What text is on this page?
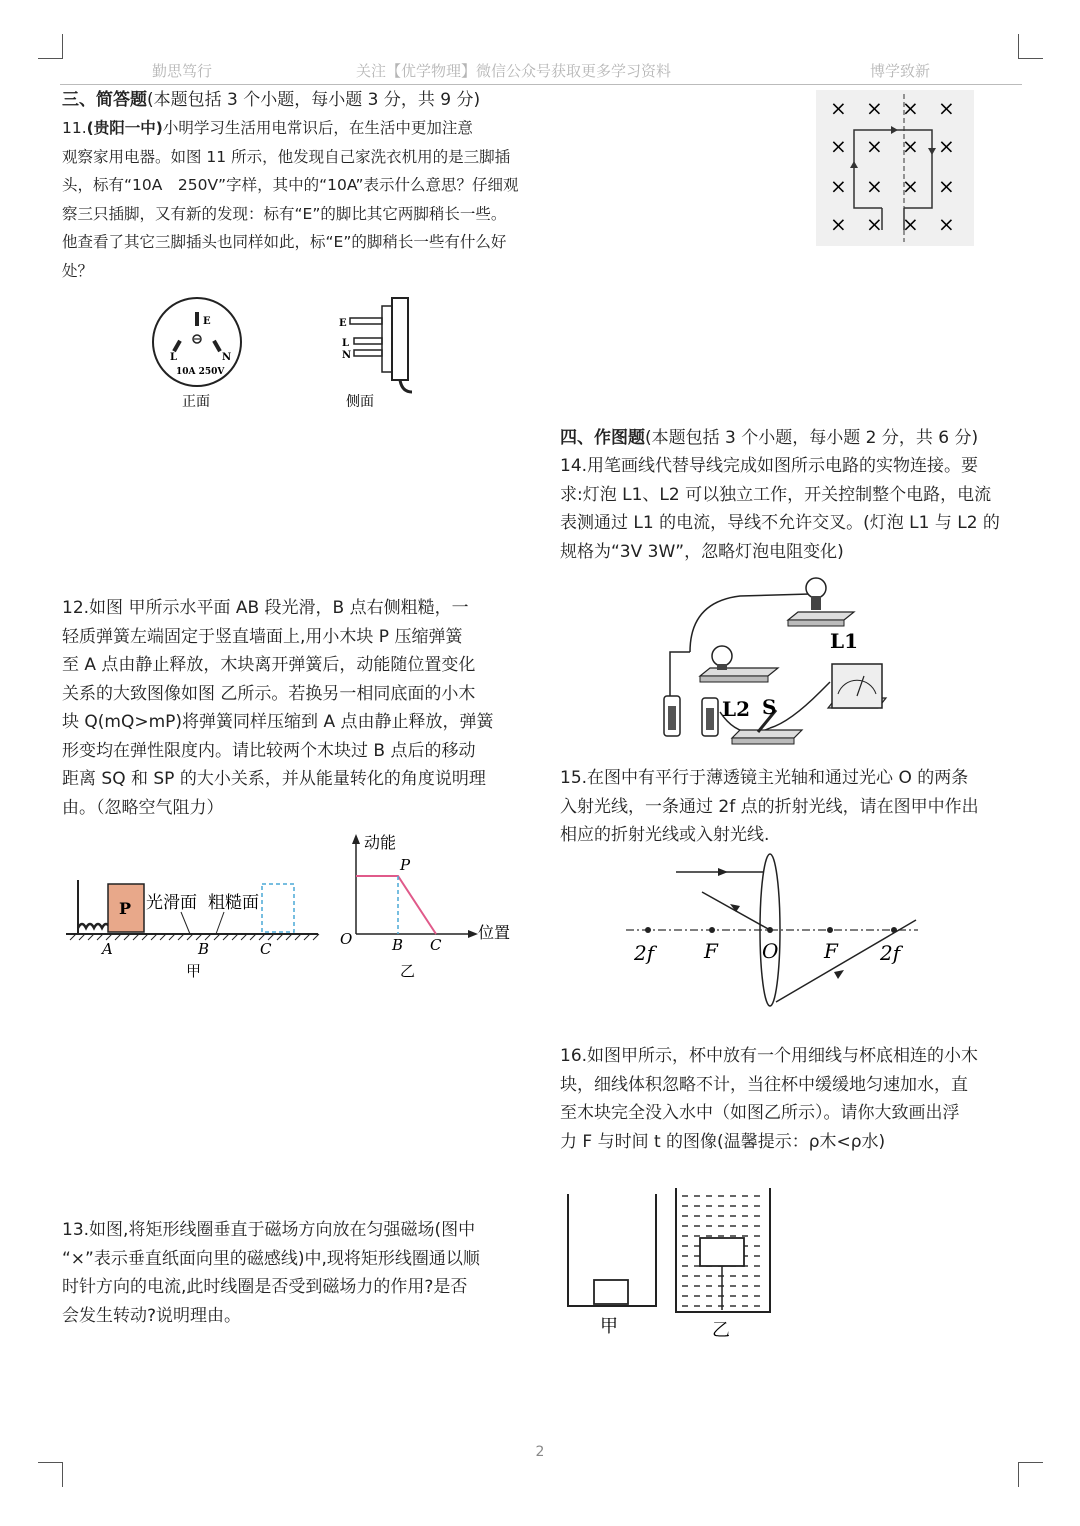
勤思笃行	关注【优学物理】微信公众号获取更多学习资料	博学致新
三、简答题(本题包括 3 个小题，每小题 3 分，共 9 分)

11.(贵阳一中)小明学习生活用电常识后，在生活中更加注意

观察家用电器。如图 11 所示，他发现自己家洗衣机用的是三脚插

头，标有“10A　250V”字样，其中的“10A”表示什么意思？仔细观

察三只插脚，又有新的发现：标有“E”的脚比其它两脚稍长一些。

他查看了其它三脚插头也同样如此，标“E”的脚稍长一些有什么好

处？

E
L	N
10A 250V
正面
E
L
N
侧面
× × × ×
× × × ×
× × × ×
× × × ×

12.如图 甲所示水平面 AB 段光滑，B 点右侧粗糙，一

轻质弹簧左端固定于竖直墙面上,用小木块 P 压缩弹簧

至 A 点由静止释放，木块离开弹簧后，动能随位置变化

关系的大致图像如图 乙所示。若换另一相同底面的小木

块 Q(mQ>mP)将弹簧同样压缩到 A 点由静止释放，弹簧

形变均在弹性限度内。请比较两个木块过 B 点后的移动

距离 SQ 和 SP 的大小关系，并从能量转化的角度说明理

由。（忽略空气阻力）

P 光滑面 粗糙面
A	B	C
甲
动能
位置
O
P
B C
乙

13.如图,将矩形线圈垂直于磁场方向放在匀强磁场(图中

“×”表示垂直纸面向里的磁感线)中,现将矩形线圈通以顺

时针方向的电流,此时线圈是否受到磁场力的作用?是否

会发生转动?说明理由。

四、作图题(本题包括 3 个小题，每小题 2 分，共 6 分)

14.用笔画线代替导线完成如图所示电路的实物连接。要

求:灯泡 L1、L2 可以独立工作，开关控制整个电路，电流

表测通过 L1 的电流，导线不允许交叉。(灯泡 L1 与 L2 的

规格为“3V 3W”，忽略灯泡电阻变化)

L2
L1
S

15.在图中有平行于薄透镜主光轴和通过光心 O 的两条

入射光线，一条通过 2f 点的折射光线，请在图甲中作出

相应的折射光线或入射光线.

2f F O F 2f

16.如图甲所示，杯中放有一个用细线与杯底相连的小木

块，细线体积忽略不计，当往杯中缓缓地匀速加水，直

至木块完全没入水中（如图乙所示）。请你大致画出浮

力 F 与时间 t 的图像(温馨提示：ρ木<ρ水)

甲	乙
2
